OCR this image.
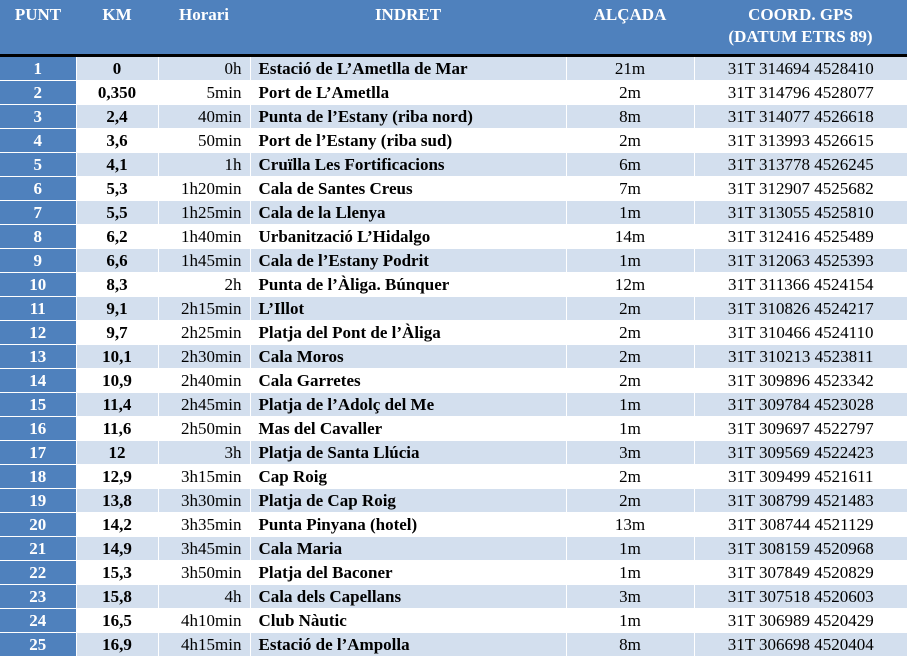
PUNT	KM	Horari	INDRET	ALÇADA	COORD. GPS
(DATUM ETRS 89)

1	0	0h	Estació de L’Ametlla de Mar	21m	31T 314694 4528410
2	0,350	5min	Port de L’Ametlla	2m	31T 314796 4528077
3	2,4	40min	Punta de l’Estany (riba nord)	8m	31T 314077 4526618
4	3,6	50min	Port de l’Estany (riba sud)	2m	31T 313993 4526615
5	4,1	1h	Cruïlla Les Fortificacions	6m	31T 313778 4526245
6	5,3	1h20min	Cala de Santes Creus	7m	31T 312907 4525682
7	5,5	1h25min	Cala de la Llenya	1m	31T 313055 4525810
8	6,2	1h40min	Urbanització L’Hidalgo	14m	31T 312416 4525489
9	6,6	1h45min	Cala de l’Estany Podrit	1m	31T 312063 4525393
10	8,3	2h	Punta de l’Àliga. Búnquer	12m	31T 311366 4524154
11	9,1	2h15min	L’Illot	2m	31T 310826 4524217
12	9,7	2h25min	Platja del Pont de l’Àliga	2m	31T 310466 4524110
13	10,1	2h30min	Cala Moros	2m	31T 310213 4523811
14	10,9	2h40min	Cala Garretes	2m	31T 309896 4523342
15	11,4	2h45min	Platja de l’Adolç del Me	1m	31T 309784 4523028
16	11,6	2h50min	Mas del Cavaller	1m	31T 309697 4522797
17	12	3h	Platja de Santa Llúcia	3m	31T 309569 4522423
18	12,9	3h15min	Cap Roig	2m	31T 309499 4521611
19	13,8	3h30min	Platja de Cap Roig	2m	31T 308799 4521483
20	14,2	3h35min	Punta Pinyana (hotel)	13m	31T 308744 4521129
21	14,9	3h45min	Cala Maria	1m	31T 308159 4520968
22	15,3	3h50min	Platja del Baconer	1m	31T 307849 4520829
23	15,8	4h	Cala dels Capellans	3m	31T 307518 4520603
24	16,5	4h10min	Club Nàutic	1m	31T 306989 4520429
25	16,9	4h15min	Estació de l’Ampolla	8m	31T 306698 4520404
